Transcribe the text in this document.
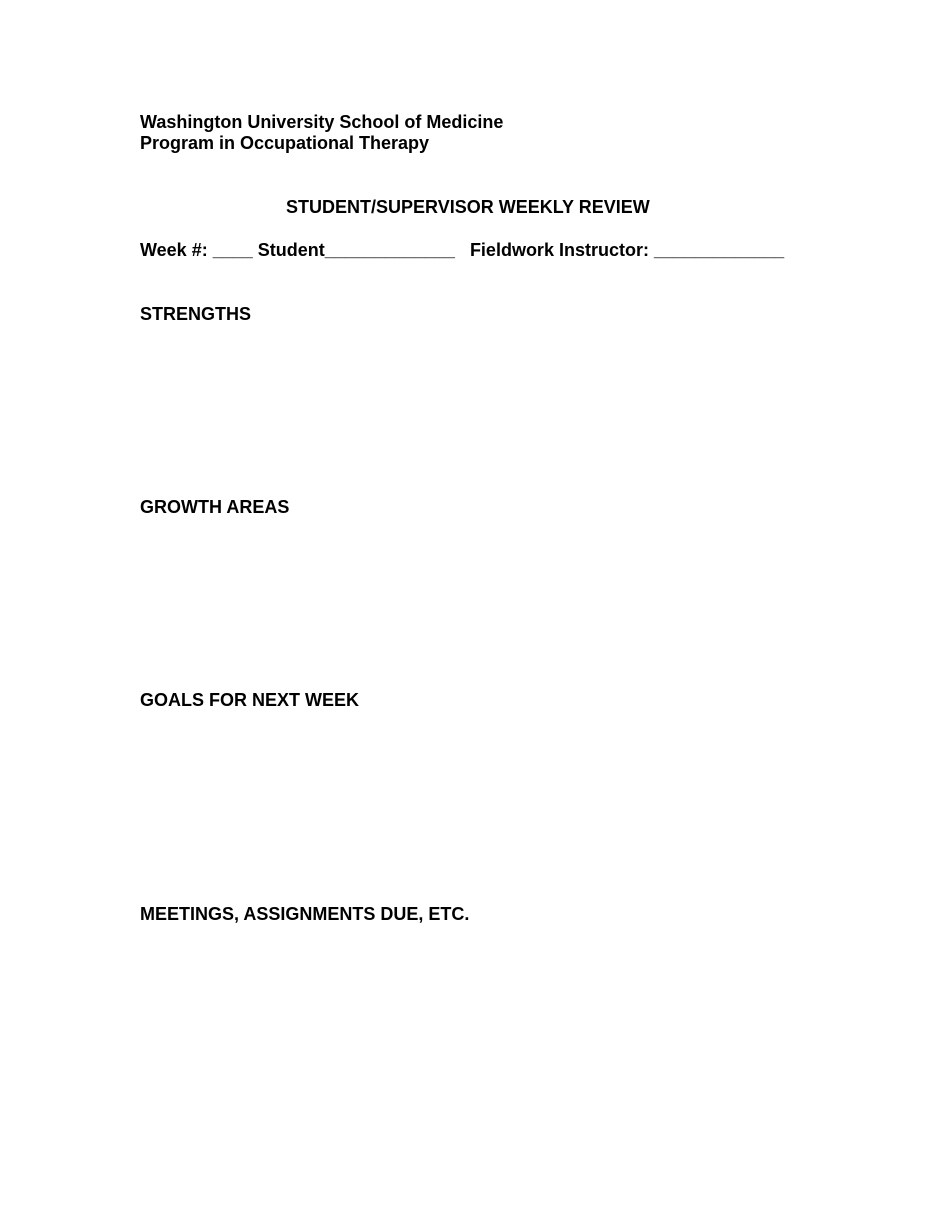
Washington University School of Medicine

Program in Occupational Therapy

STUDENT/SUPERVISOR WEEKLY REVIEW

Week #: ____ Student_____________ Fieldwork Instructor: _____________

STRENGTHS

GROWTH AREAS

GOALS FOR NEXT WEEK

MEETINGS, ASSIGNMENTS DUE, ETC.
